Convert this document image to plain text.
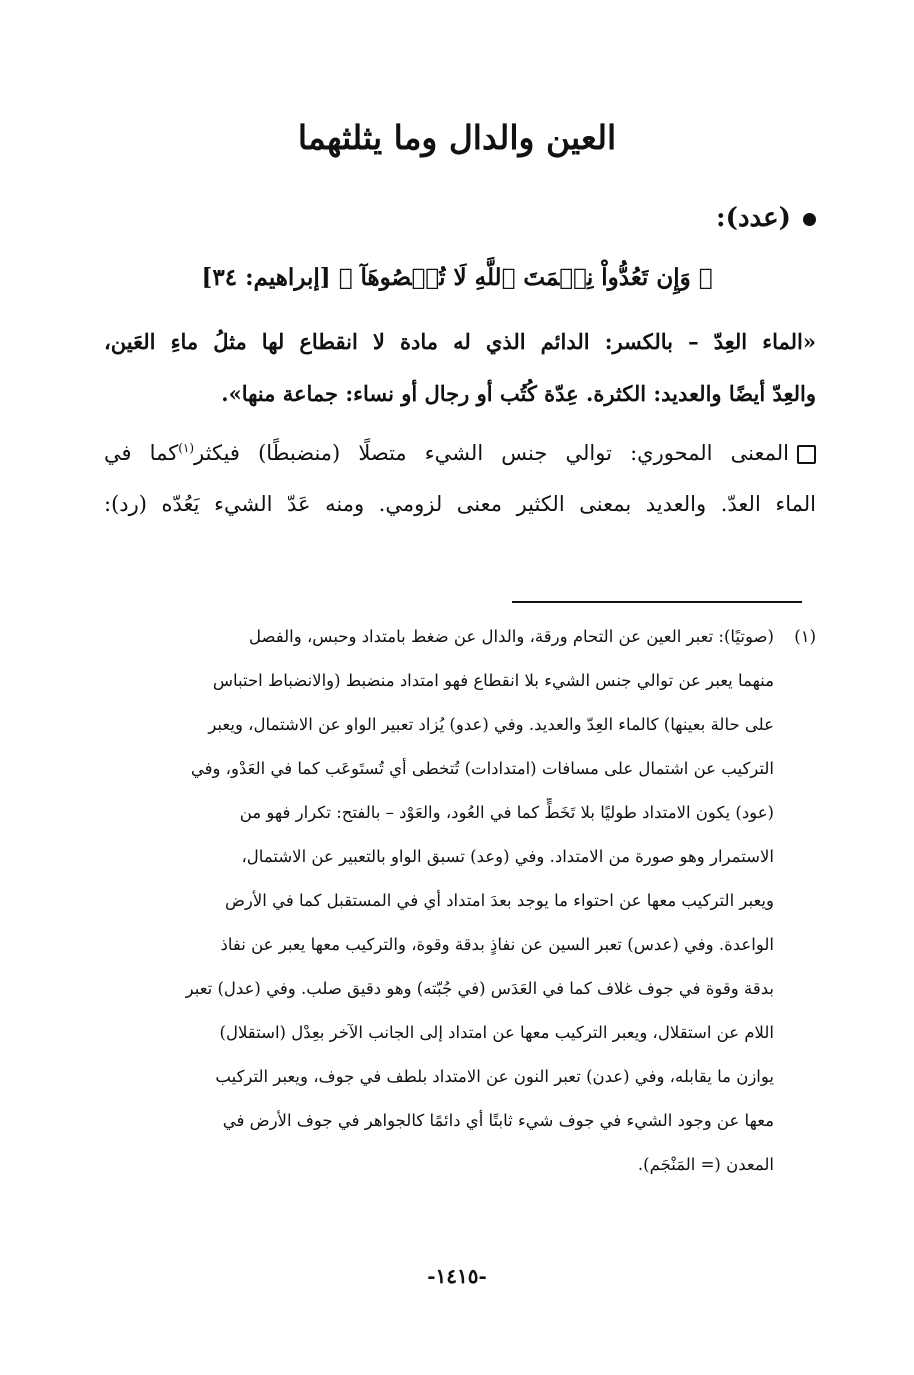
العين والدال وما يثلثهما
(عدد):
﴿ وَإِن تَعُدُّواْ نِعۡمَتَ ٱللَّهِ لَا تُحۡصُوهَآ ﴾ [إبراهيم: ٣٤]
«الماء العِدّ – بالكسر: الدائم الذي له مادة لا انقطاع لها مثلُ ماءِ العَين،
والعِدّ أيضًا والعديد: الكثرة. عِدّة كُتُب أو رجال أو نساء: جماعة منها».
المعنى المحوري: توالي جنس الشيء متصلًا (منضبطًا) فيكثر$^{(١)}$كما في
الماء العدّ. والعديد بمعنى الكثير معنى لزومي. ومنه عَدّ الشيء يَعُدّه (رد):
(١)
(صوتيًا): تعبر العين عن التحام ورقة، والدال عن ضغط بامتداد وحبس، والفصل
منهما يعبر عن توالي جنس الشيء بلا انقطاع فهو امتداد منضبط (والانضباط احتباس
على حالة بعينها) كالماء العِدّ والعديد. وفي (عدو) يُزاد تعبير الواو عن الاشتمال، ويعبر
التركيب عن اشتمال على مسافات (امتدادات) تُتخطى أي تُستَوعَب كما في العَدْو، وفي
(عود) يكون الامتداد طوليًا بلا تَخَطٍّ كما في العُود، والعَوْد – بالفتح: تكرار فهو من
الاستمرار وهو صورة من الامتداد. وفي (وعد) تسبق الواو بالتعبير عن الاشتمال،
ويعبر التركيب معها عن احتواء ما يوجد بعدَ امتداد أي في المستقبل كما في الأرض
الواعدة. وفي (عدس) تعبر السين عن نفاذٍ بدقة وقوة، والتركيب معها يعبر عن نفاذ
بدقة وقوة في جوف غلاف كما في العَدَس (في جُبّته) وهو دقيق صلب. وفي (عدل) تعبر
اللام عن استقلال، ويعبر التركيب معها عن امتداد إلى الجانب الآخر بعِدْل (استقلال)
يوازن ما يقابله، وفي (عدن) تعبر النون عن الامتداد بلطف في جوف، ويعبر التركيب
معها عن وجود الشيء في جوف شيء ثابتًا أي دائمًا كالجواهر في جوف الأرض في
المعدن (= المَنْجَم).
-١٤١٥-
